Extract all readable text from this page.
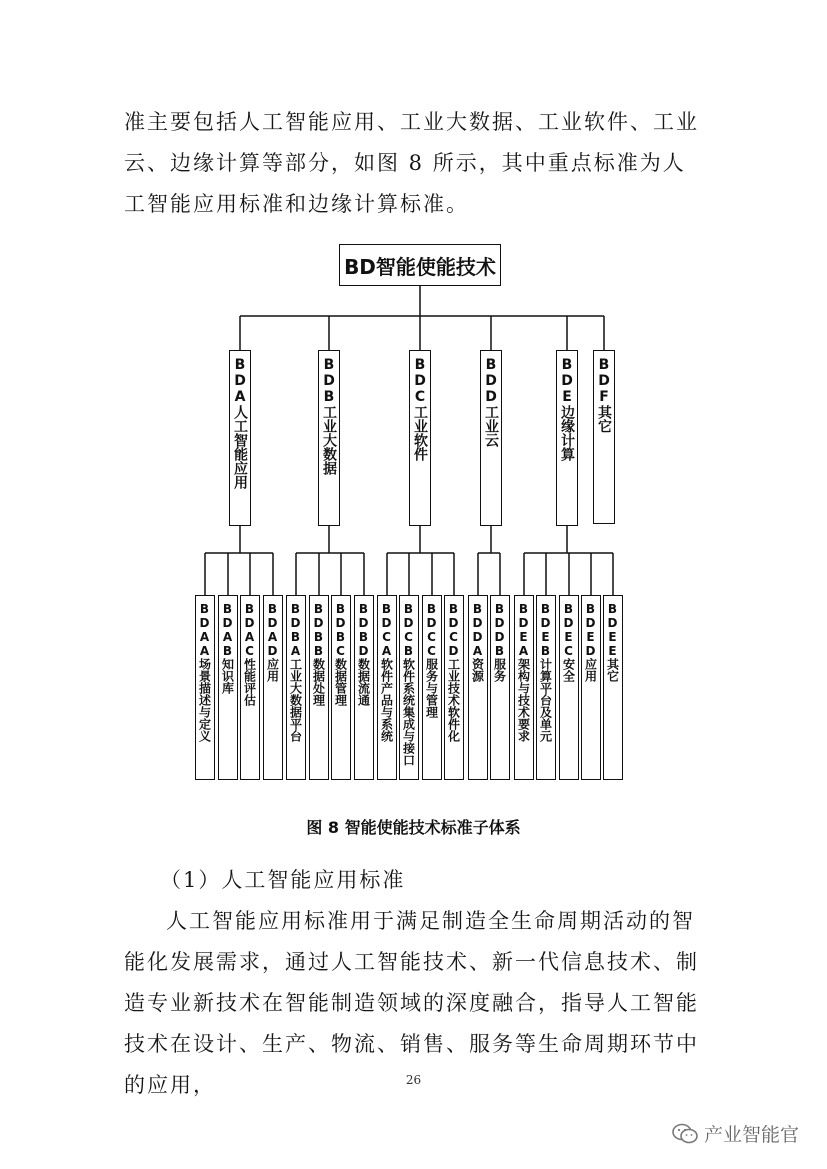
准主要包括人工智能应用、工业大数据、工业软件、工业云、边缘计算等部分，如图 8 所示，其中重点标准为人工智能应用标准和边缘计算标准。

BD智能使能技术
BDA人工智能应用	BDB工业大数据	BDC工业软件	BDD工业云	BDE边缘计算 BDF其它
BDAA场景描述与定义 BDAB知识库 BDAC性能评估 BDAD应用 BDBA工业大数据平台 BDBB数据处理 BDBC数据管理 BDBD数据流通 BDCA软件产品与系统 BDCB软件系统集成与接口 BDCC服务与管理 BDCD工业技术软件化 BDDA资源 BDDB服务 BDEA架构与技术要求 BDEB计算平台及单元 BDEC安全 BDED应用 BDEE其它
图 8 智能使能技术标准子体系

（1）人工智能应用标准

人工智能应用标准用于满足制造全生命周期活动的智能化发展需求，通过人工智能技术、新一代信息技术、制造专业新技术在智能制造领域的深度融合，指导人工智能技术在设计、生产、物流、销售、服务等生命周期环节中的应用，	26
产业智能官
